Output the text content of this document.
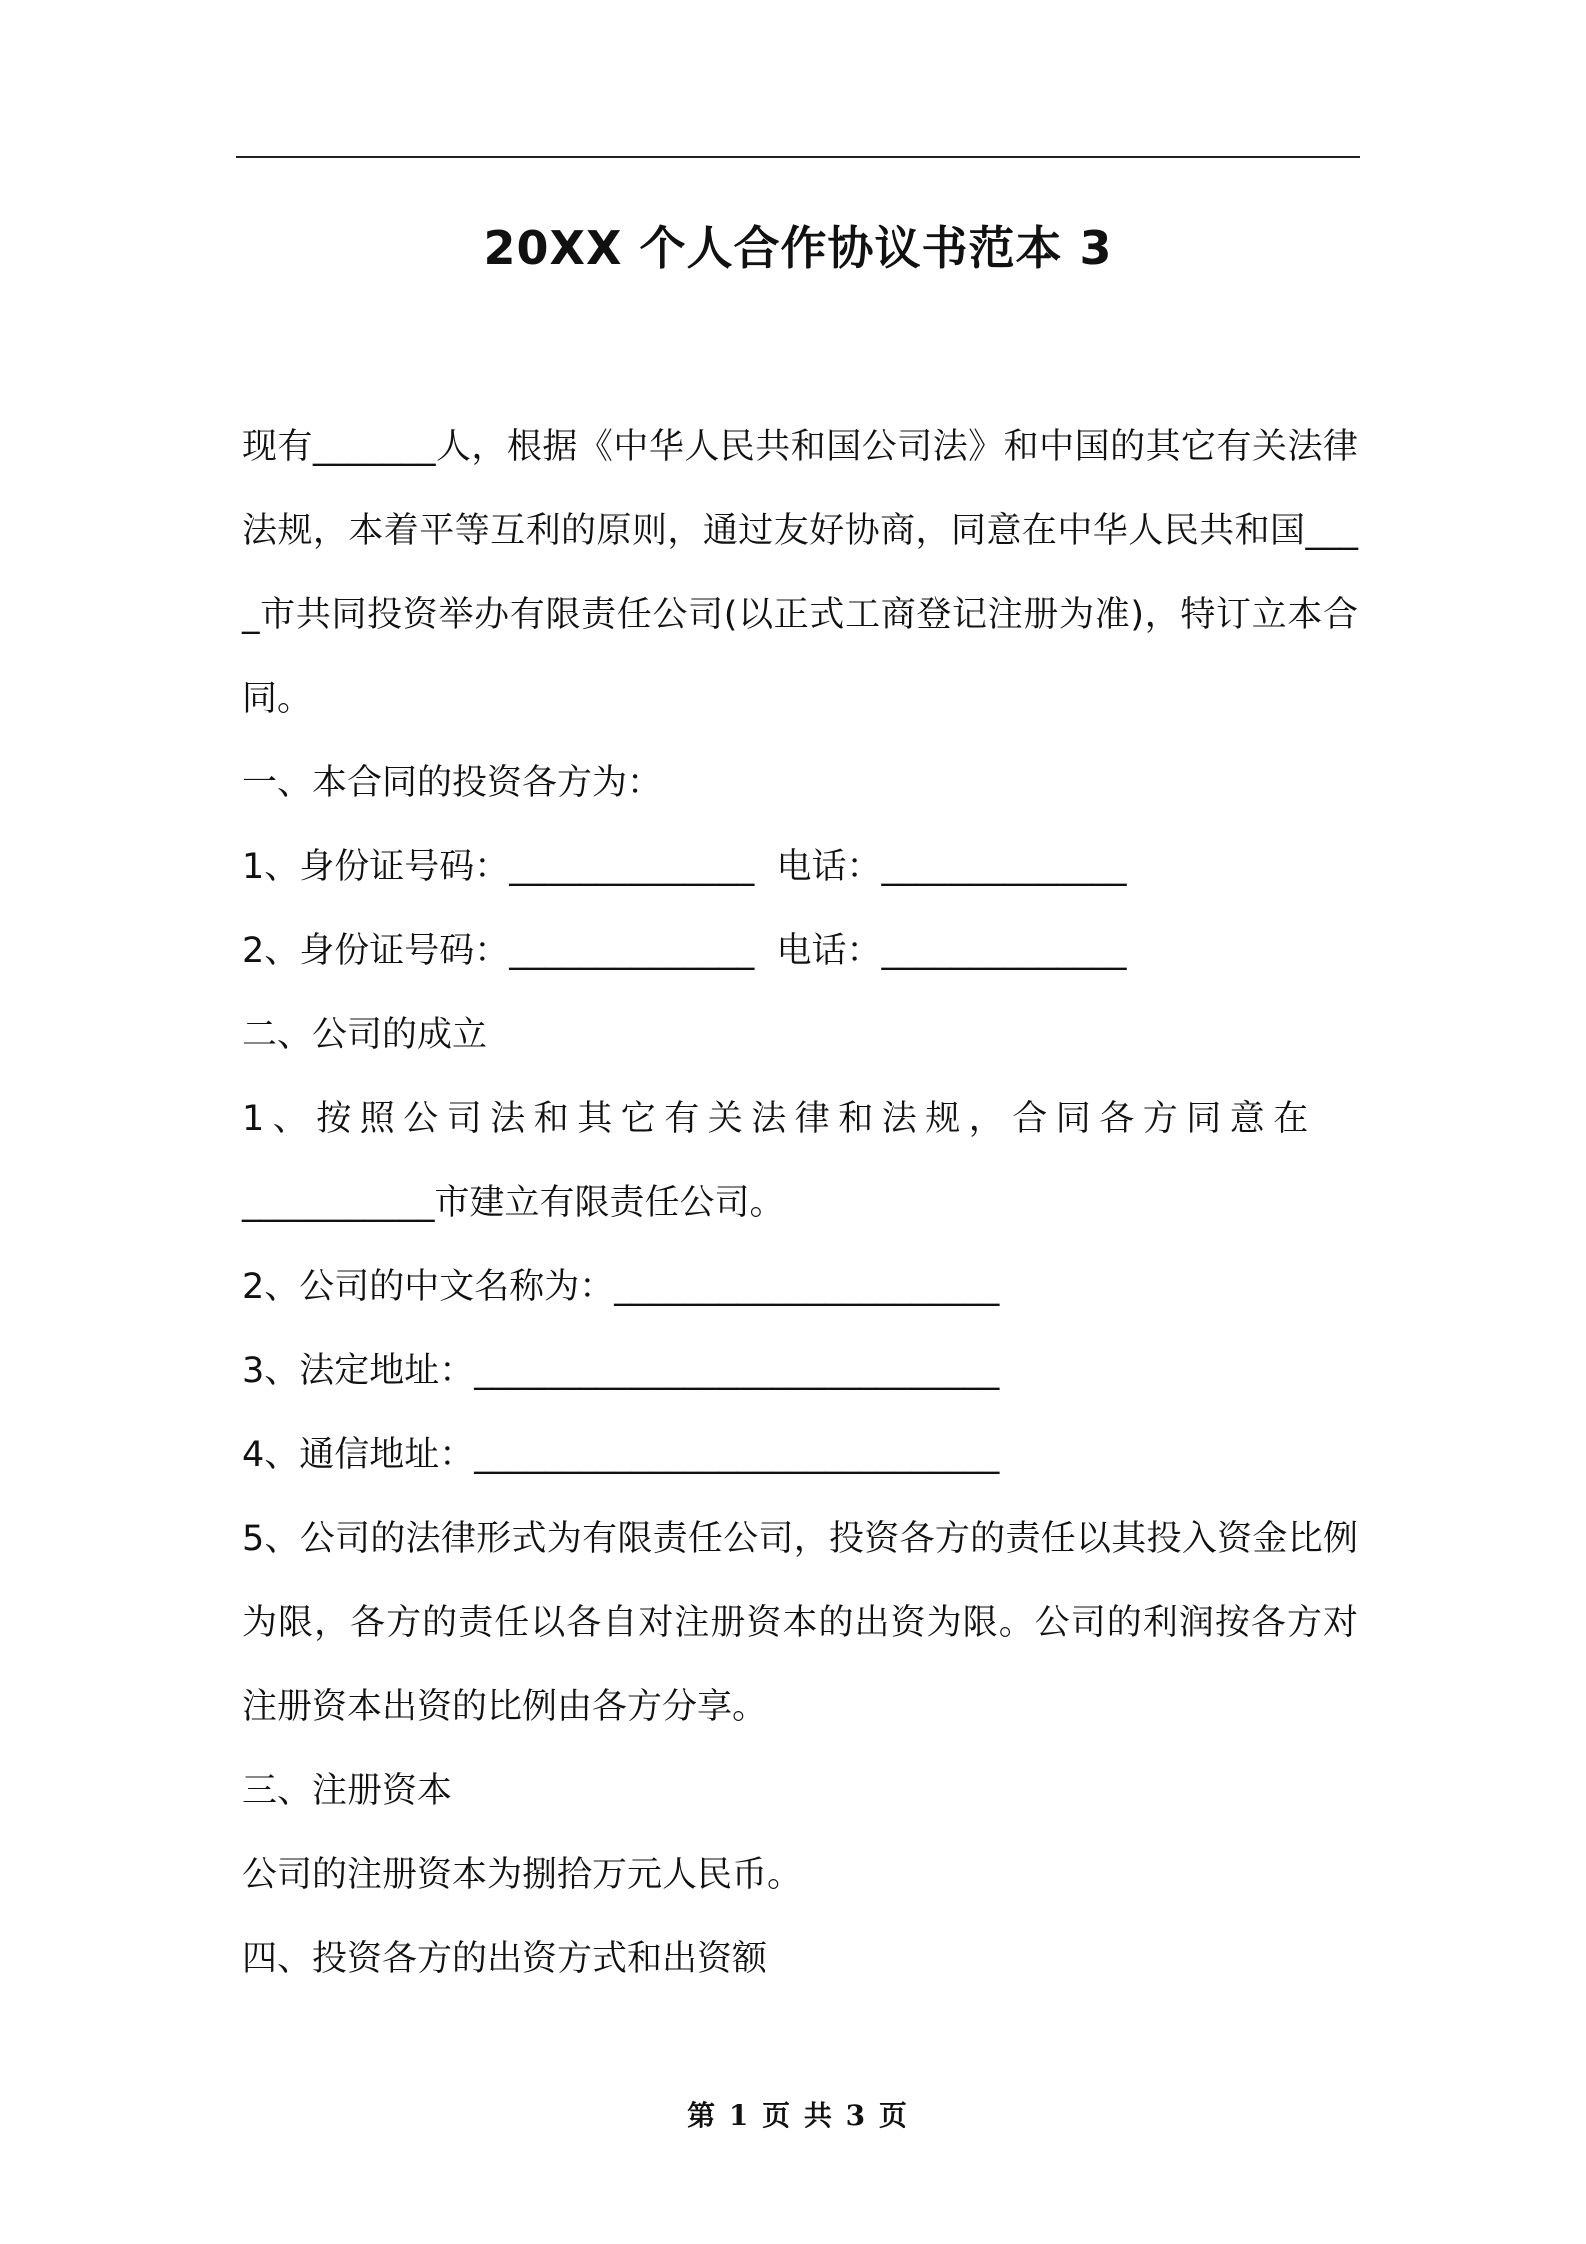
20XX 个人合作协议书范本 3

现有_______人，根据《中华人民共和国公司法》和中国的其它有关法律法规，本着平等互利的原则，通过友好协商，同意在中华人民共和国____市共同投资举办有限责任公司(以正式工商登记注册为准)，特订立本合同。

一、本合同的投资各方为：

1、身份证号码：______________  电话：______________

2、身份证号码：______________  电话：______________

二、公司的成立

1、按照公司法和其它有关法律和法规，合同各方同意在

___________市建立有限责任公司。

2、公司的中文名称为：______________________

3、法定地址：______________________________

4、通信地址：______________________________

5、公司的法律形式为有限责任公司，投资各方的责任以其投入资金比例为限，各方的责任以各自对注册资本的出资为限。公司的利润按各方对注册资本出资的比例由各方分享。

三、注册资本

公司的注册资本为捌拾万元人民币。

四、投资各方的出资方式和出资额

第 1 页 共 3 页
